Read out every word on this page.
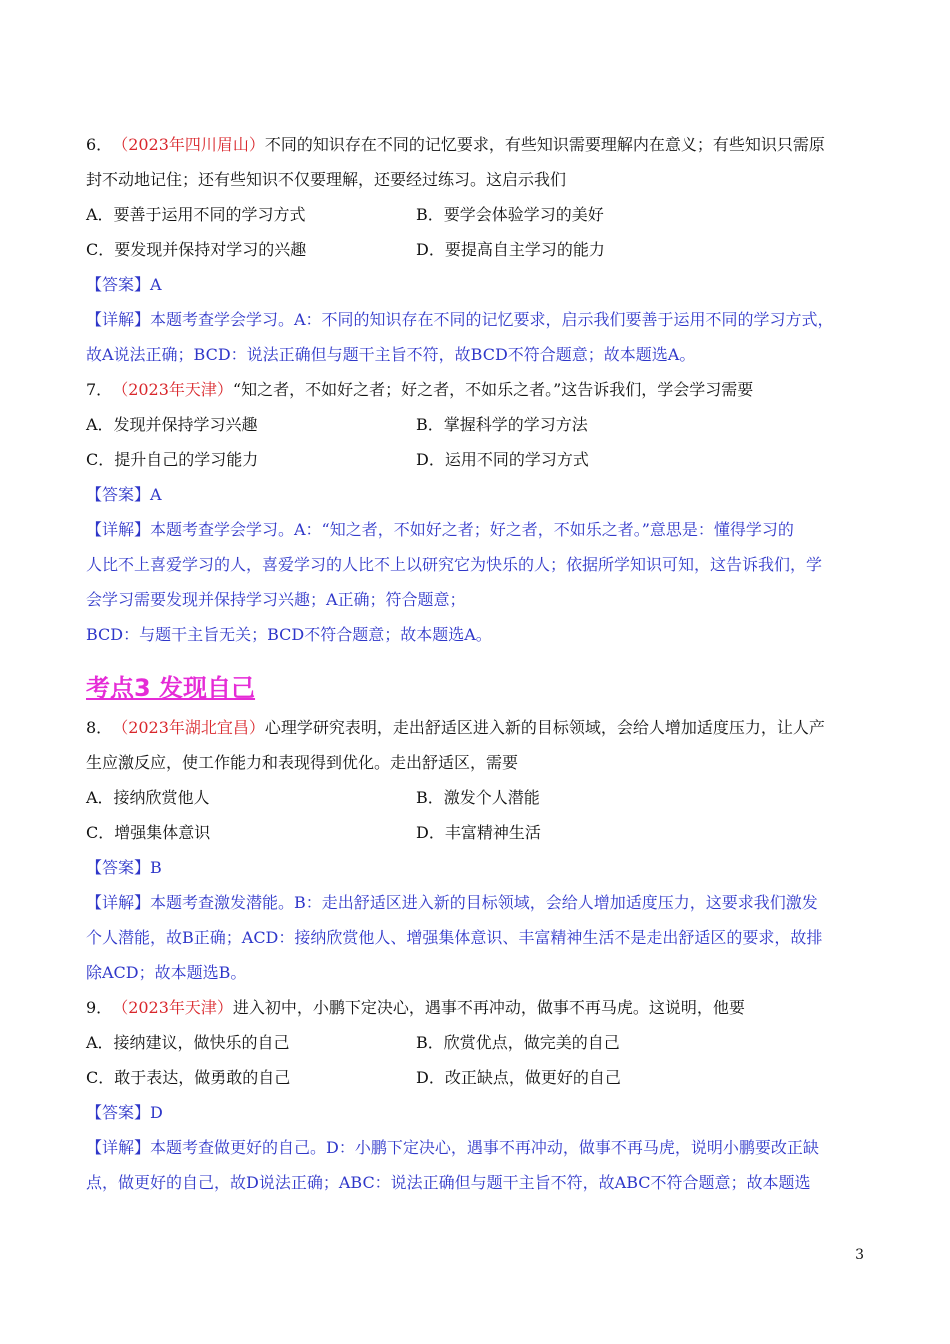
6． （2023年四川眉山） 不同的知识存在不同的记忆要求，有些知识需要理解内在意义；有些知识只需原
封不动地记住；还有些知识不仅要理解，还要经过练习。这启示我们
A．要善于运用不同的学习方式	B．要学会体验学习的美好
C．要发现并保持对学习的兴趣	D．要提高自主学习的能力
【答案】A
【详解】本题考查学会学习。A：不同的知识存在不同的记忆要求，启示我们要善于运用不同的学习方式，
故A说法正确；BCD：说法正确但与题干主旨不符，故BCD不符合题意；故本题选A。
7． （2023年天津） “知之者，不如好之者；好之者，不如乐之者。”这告诉我们，学会学习需要
A．发现并保持学习兴趣	B．掌握科学的学习方法
C．提升自己的学习能力	D．运用不同的学习方式
【答案】A
【详解】本题考查学会学习。A：“知之者，不如好之者；好之者，不如乐之者。”意思是：懂得学习的
人比不上喜爱学习的人，喜爱学习的人比不上以研究它为快乐的人；依据所学知识可知，这告诉我们，学
会学习需要发现并保持学习兴趣；A正确；符合题意；
BCD：与题干主旨无关；BCD不符合题意；故本题选A。
考点3 发现自己
8． （2023年湖北宜昌） 心理学研究表明，走出舒适区进入新的目标领域，会给人增加适度压力，让人产
生应激反应，使工作能力和表现得到优化。走出舒适区，需要
A．接纳欣赏他人	B．激发个人潜能
C．增强集体意识	D．丰富精神生活
【答案】B
【详解】本题考查激发潜能。B：走出舒适区进入新的目标领域，会给人增加适度压力，这要求我们激发
个人潜能，故B正确；ACD：接纳欣赏他人、增强集体意识、丰富精神生活不是走出舒适区的要求，故排
除ACD；故本题选B。
9． （2023年天津） 进入初中，小鹏下定决心，遇事不再冲动，做事不再马虎。这说明，他要
A．接纳建议，做快乐的自己	B．欣赏优点，做完美的自己
C．敢于表达，做勇敢的自己	D．改正缺点，做更好的自己
【答案】D
【详解】本题考查做更好的自己。D：小鹏下定决心，遇事不再冲动，做事不再马虎，说明小鹏要改正缺
点，做更好的自己，故D说法正确；ABC：说法正确但与题干主旨不符，故ABC不符合题意；故本题选
3
